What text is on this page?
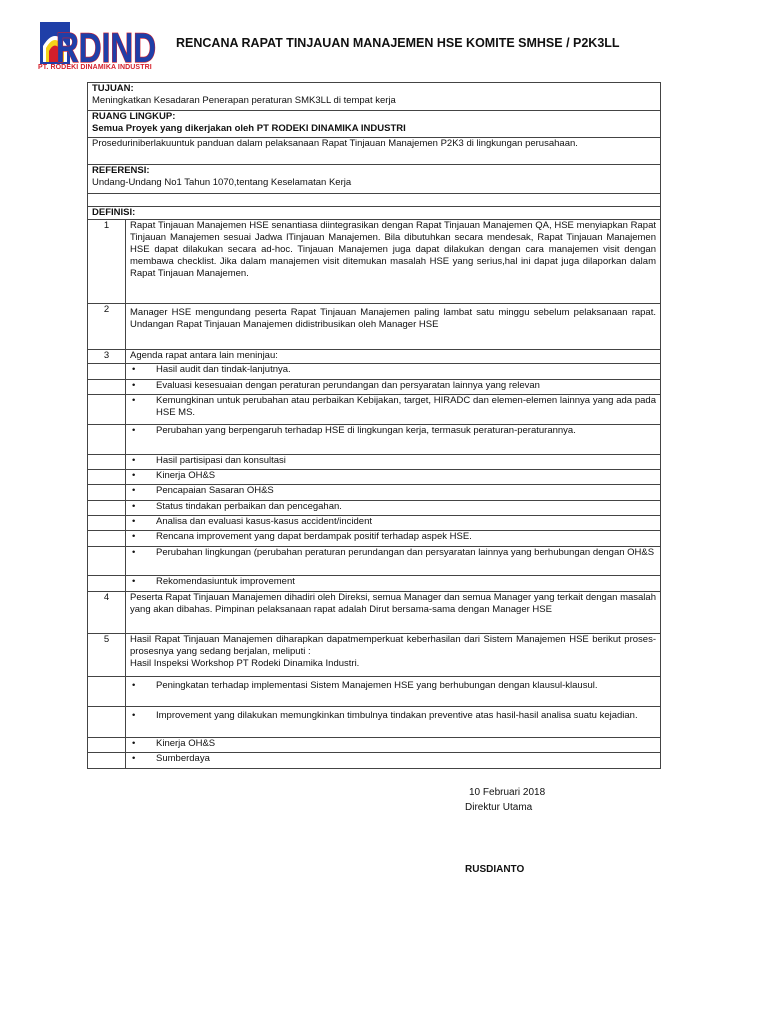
RDIND
PT. RODEKI DINAMIKA INDUSTRI
RENCANA RAPAT TINJAUAN MANAJEMEN HSE KOMITE SMHSE / P2K3LL
TUJUAN:
Meningkatkan Kesadaran Penerapan peraturan SMK3LL di tempat kerja	

RUANG LINGKUP:
Semua Proyek yang dikerjakan oleh PT RODEKI DINAMIKA INDUSTRI	

Proseduriniberlakuuntuk panduan dalam pelaksanaan Rapat Tinjauan Manajemen P2K3 di lingkungan perusahaan.	

REFERENSI:
Undang-Undang No1 Tahun 1070,tentang Keselamatan Kerja	

DEFINISI:	
1	Rapat Tinjauan Manajemen HSE senantiasa diintegrasikan dengan Rapat Tinjauan Manajemen QA, HSE menyiapkan Rapat Tinjauan Manajemen sesuai Jadwa lTinjauan Manajemen. Bila dibutuhkan secara mendesak, Rapat Tinjauan Manajemen HSE dapat dilakukan secara ad-hoc. Tinjauan Manajemen juga dapat dilakukan dengan cara manajemen visit dengan membawa checklist. Jika dalam manajemen visit ditemukan masalah HSE yang serius,hal ini dapat juga dilaporkan dalam Rapat Tinjauan Manajemen.
2	Manager HSE mengundang peserta Rapat Tinjauan Manajemen paling lambat satu minggu sebelum pelaksanaan rapat. Undangan Rapat Tinjauan Manajemen didistribusikan oleh Manager HSE
3	Agenda rapat antara lain meninjau:

	• Hasil audit dan tindak-lanjutnya.

	• Evaluasi kesesuaian dengan peraturan perundangan dan persyaratan lainnya yang relevan

	• Kemungkinan untuk perubahan atau perbaikan Kebijakan, target, HIRADC dan elemen-elemen lainnya yang ada pada HSE MS.

	• Perubahan yang berpengaruh terhadap HSE di lingkungan kerja, termasuk peraturan-peraturannya.

	• Hasil partisipasi dan konsultasi

	• Kinerja OH&S

	• Pencapaian Sasaran OH&S

	• Status tindakan perbaikan dan pencegahan.

	• Analisa dan evaluasi kasus-kasus accident/incident

	• Rencana improvement yang dapat berdampak positif terhadap aspek HSE.

	• Perubahan lingkungan (perubahan peraturan perundangan dan persyaratan lainnya yang berhubungan dengan OH&S

	• Rekomendasiuntuk improvement

4	Peserta Rapat Tinjauan Manajemen dihadiri oleh Direksi, semua Manager dan semua Manager yang terkait dengan masalah yang akan dibahas. Pimpinan pelaksanaan rapat adalah Dirut bersama-sama dengan Manager HSE
5	Hasil Rapat Tinjauan Manajemen diharapkan dapatmemperkuat keberhasilan dari Sistem Manajemen HSE berikut proses-prosesnya yang sedang berjalan, meliputi :
Hasil Inspeksi Workshop PT Rodeki Dinamika Industri.

	• Peningkatan terhadap implementasi Sistem Manajemen HSE yang berhubungan dengan klausul-klausul.

	• Improvement yang dilakukan memungkinkan timbulnya tindakan preventive atas hasil-hasil analisa suatu kejadian.

	• Kinerja OH&S

	• Sumberdaya
10 Februari 2018
Direktur Utama
RUSDIANTO
